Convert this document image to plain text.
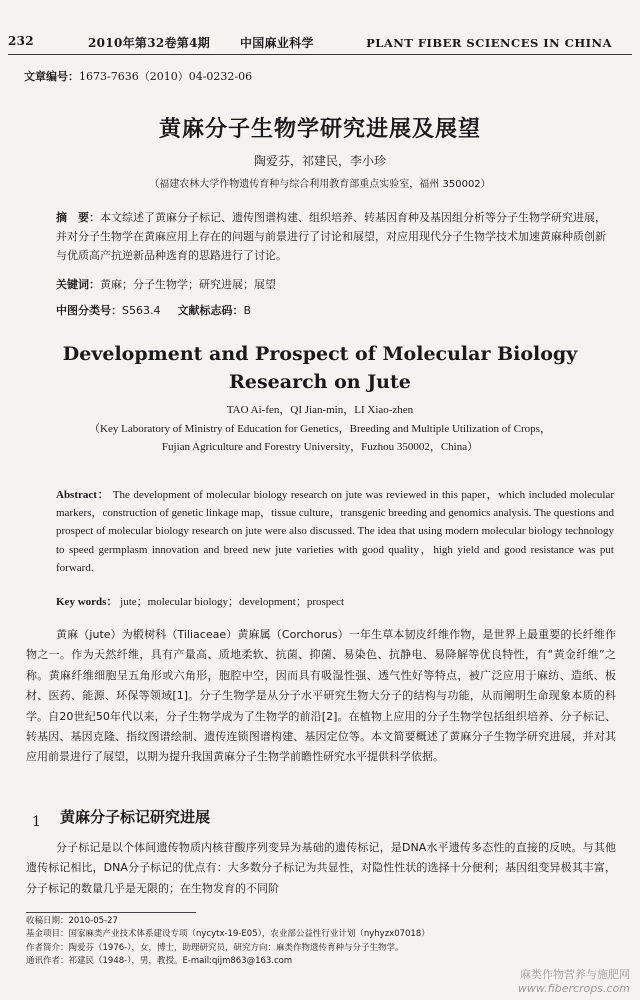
232	2010年第32卷第4期 中国麻业科学	PLANT FIBER SCIENCES IN CHINA
文章编号：1673-7636（2010）04-0232-06
黄麻分子生物学研究进展及展望
陶爱芬，祁建民，李小珍
（福建农林大学作物遗传育种与综合利用教育部重点实验室，福州 350002）
摘　要：本文综述了黄麻分子标记、遗传图谱构建、组织培养、转基因育种及基因组分析等分子生物学研究进展，并对分子生物学在黄麻应用上存在的问题与前景进行了讨论和展望，对应用现代分子生物学技术加速黄麻种质创新与优质高产抗逆新品种选育的思路进行了讨论。
关键词：黄麻；分子生物学；研究进展；展望
中图分类号：S563.4 文献标志码：B
Development and Prospect of Molecular Biology
Research on Jute
TAO Ai-fen，QI Jian-min，LI Xiao-zhen
（Key Laboratory of Ministry of Education for Genetics，Breeding and Multiple Utilization of Crops，
Fujian Agriculture and Forestry University，Fuzhou 350002，China）
Abstract： The development of molecular biology research on jute was reviewed in this paper，which included molecular markers，construction of genetic linkage map，tissue culture，transgenic breeding and genomics analysis. The questions and prospect of molecular biology research on jute were also discussed. The idea that using modern molecular biology technology to speed germplasm innovation and breed new jute varieties with good quality，high yield and good resistance was put forward.
Key words： jute；molecular biology；development；prospect
黄麻（jute）为椴树科（Tiliaceae）黄麻属（Corchorus）一年生草本韧皮纤维作物，是世界上最重要的长纤维作物之一。作为天然纤维，具有产量高、质地柔软、抗菌、抑菌、易染色、抗静电、易降解等优良特性，有“黄金纤维”之称。黄麻纤维细胞呈五角形或六角形，胞腔中空，因而具有吸湿性强、透气性好等特点，被广泛应用于麻纺、造纸、板材、医药、能源、环保等领域[1]。分子生物学是从分子水平研究生物大分子的结构与功能，从而阐明生命现象本质的科学。自20世纪50年代以来，分子生物学成为了生物学的前沿[2]。在植物上应用的分子生物学包括组织培养、分子标记、转基因、基因克隆、指纹图谱绘制、遗传连锁图谱构建、基因定位等。本文简要概述了黄麻分子生物学研究进展，并对其应用前景进行了展望，以期为提升我国黄麻分子生物学前瞻性研究水平提供科学依据。
1 黄麻分子标记研究进展
分子标记是以个体间遗传物质内核苷酸序列变异为基础的遗传标记，是DNA水平遗传多态性的直接的反映。与其他遗传标记相比，DNA分子标记的优点有：大多数分子标记为共显性，对隐性性状的选择十分便利；基因组变异极其丰富，分子标记的数量几乎是无限的；在生物发育的不同阶
收稿日期：2010-05-27
基金项目：国家麻类产业技术体系建设专项（nycytx-19-E05），农业部公益性行业计划（nyhyzx07018）
作者简介：陶爱芬（1976-），女，博士，助理研究员，研究方向：麻类作物遗传育种与分子生物学。
通讯作者：祁建民（1948-），男，教授。E-mail:qijm863@163.com
麻类作物营养与施肥网
www.fibercrops.com
